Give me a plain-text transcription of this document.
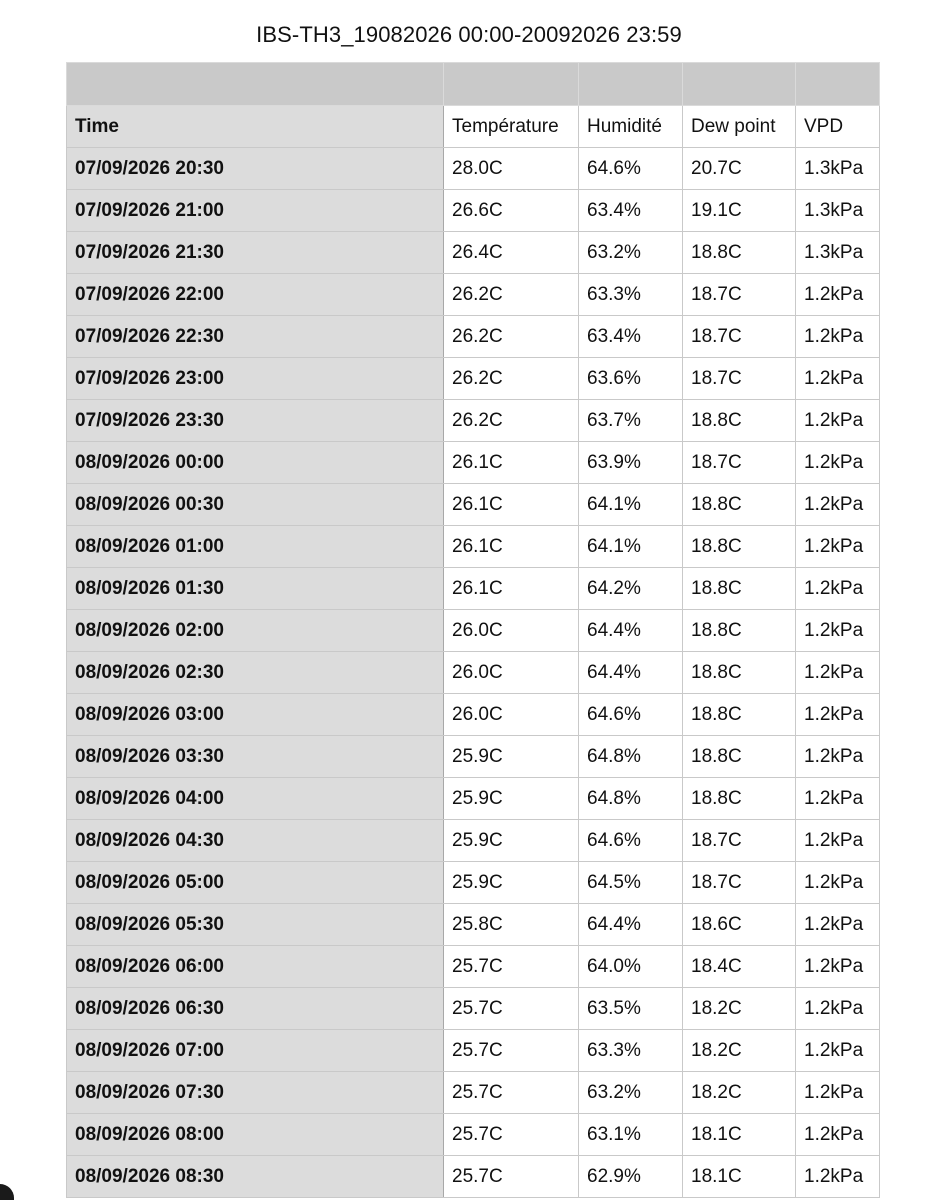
IBS-TH3_19082026 00:00-20092026 23:59

Time	Température	Humidité	Dew point	VPD
07/09/2026 20:30	28.0C	64.6%	20.7C	1.3kPa
07/09/2026 21:00	26.6C	63.4%	19.1C	1.3kPa
07/09/2026 21:30	26.4C	63.2%	18.8C	1.3kPa
07/09/2026 22:00	26.2C	63.3%	18.7C	1.2kPa
07/09/2026 22:30	26.2C	63.4%	18.7C	1.2kPa
07/09/2026 23:00	26.2C	63.6%	18.7C	1.2kPa
07/09/2026 23:30	26.2C	63.7%	18.8C	1.2kPa
08/09/2026 00:00	26.1C	63.9%	18.7C	1.2kPa
08/09/2026 00:30	26.1C	64.1%	18.8C	1.2kPa
08/09/2026 01:00	26.1C	64.1%	18.8C	1.2kPa
08/09/2026 01:30	26.1C	64.2%	18.8C	1.2kPa
08/09/2026 02:00	26.0C	64.4%	18.8C	1.2kPa
08/09/2026 02:30	26.0C	64.4%	18.8C	1.2kPa
08/09/2026 03:00	26.0C	64.6%	18.8C	1.2kPa
08/09/2026 03:30	25.9C	64.8%	18.8C	1.2kPa
08/09/2026 04:00	25.9C	64.8%	18.8C	1.2kPa
08/09/2026 04:30	25.9C	64.6%	18.7C	1.2kPa
08/09/2026 05:00	25.9C	64.5%	18.7C	1.2kPa
08/09/2026 05:30	25.8C	64.4%	18.6C	1.2kPa
08/09/2026 06:00	25.7C	64.0%	18.4C	1.2kPa
08/09/2026 06:30	25.7C	63.5%	18.2C	1.2kPa
08/09/2026 07:00	25.7C	63.3%	18.2C	1.2kPa
08/09/2026 07:30	25.7C	63.2%	18.2C	1.2kPa
08/09/2026 08:00	25.7C	63.1%	18.1C	1.2kPa
08/09/2026 08:30	25.7C	62.9%	18.1C	1.2kPa
